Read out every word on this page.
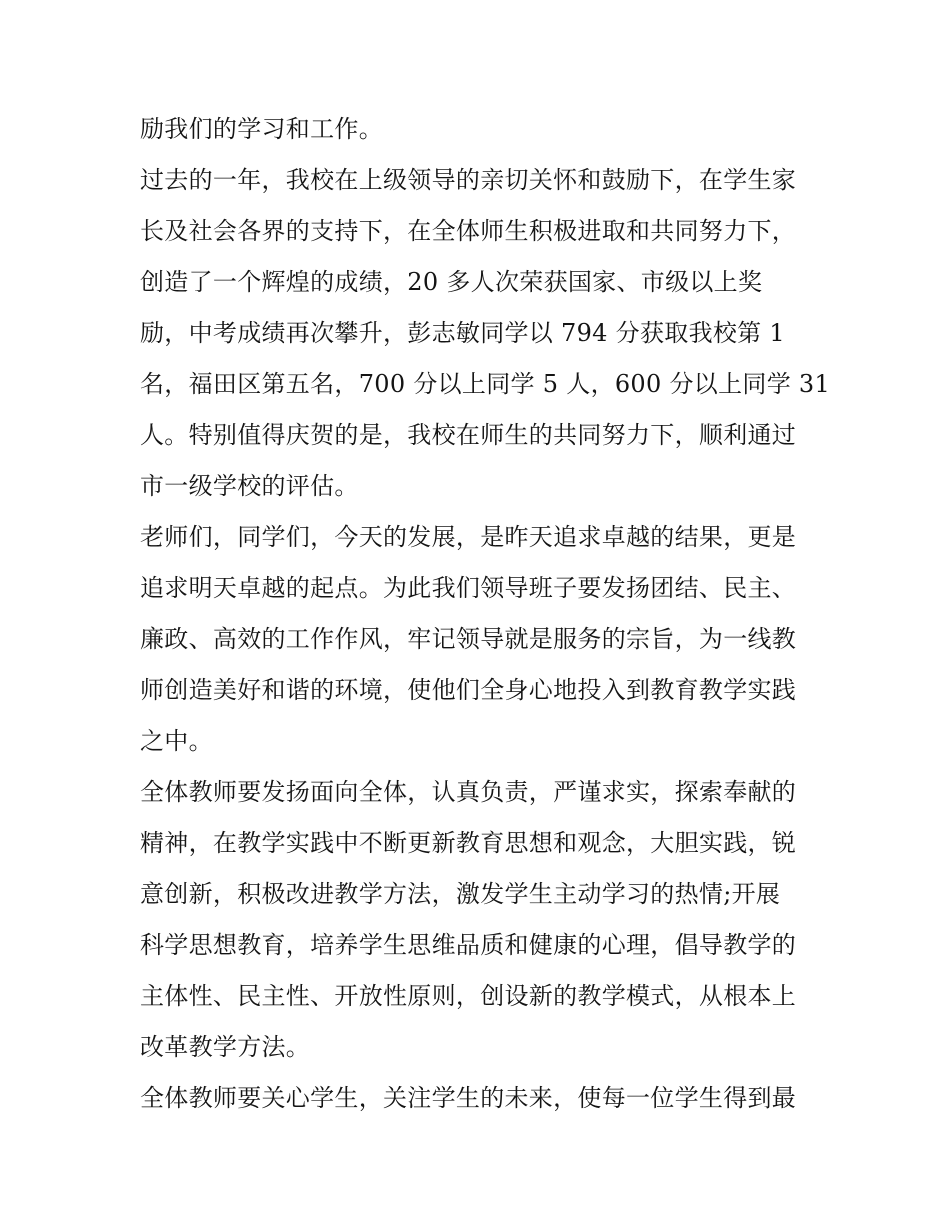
励我们的学习和工作。
过去的一年，我校在上级领导的亲切关怀和鼓励下，在学生家
长及社会各界的支持下，在全体师生积极进取和共同努力下，
创造了一个辉煌的成绩，20 多人次荣获国家、市级以上奖
励，中考成绩再次攀升，彭志敏同学以 794 分获取我校第 1
名，福田区第五名，700 分以上同学 5 人，600 分以上同学 31
人。特别值得庆贺的是，我校在师生的共同努力下，顺利通过
市一级学校的评估。
老师们，同学们，今天的发展，是昨天追求卓越的结果，更是
追求明天卓越的起点。为此我们领导班子要发扬团结、民主、
廉政、高效的工作作风，牢记领导就是服务的宗旨，为一线教
师创造美好和谐的环境，使他们全身心地投入到教育教学实践
之中。
全体教师要发扬面向全体，认真负责，严谨求实，探索奉献的
精神，在教学实践中不断更新教育思想和观念，大胆实践，锐
意创新，积极改进教学方法，激发学生主动学习的热情;开展
科学思想教育，培养学生思维品质和健康的心理，倡导教学的
主体性、民主性、开放性原则，创设新的教学模式，从根本上
改革教学方法。
全体教师要关心学生，关注学生的未来，使每一位学生得到最
